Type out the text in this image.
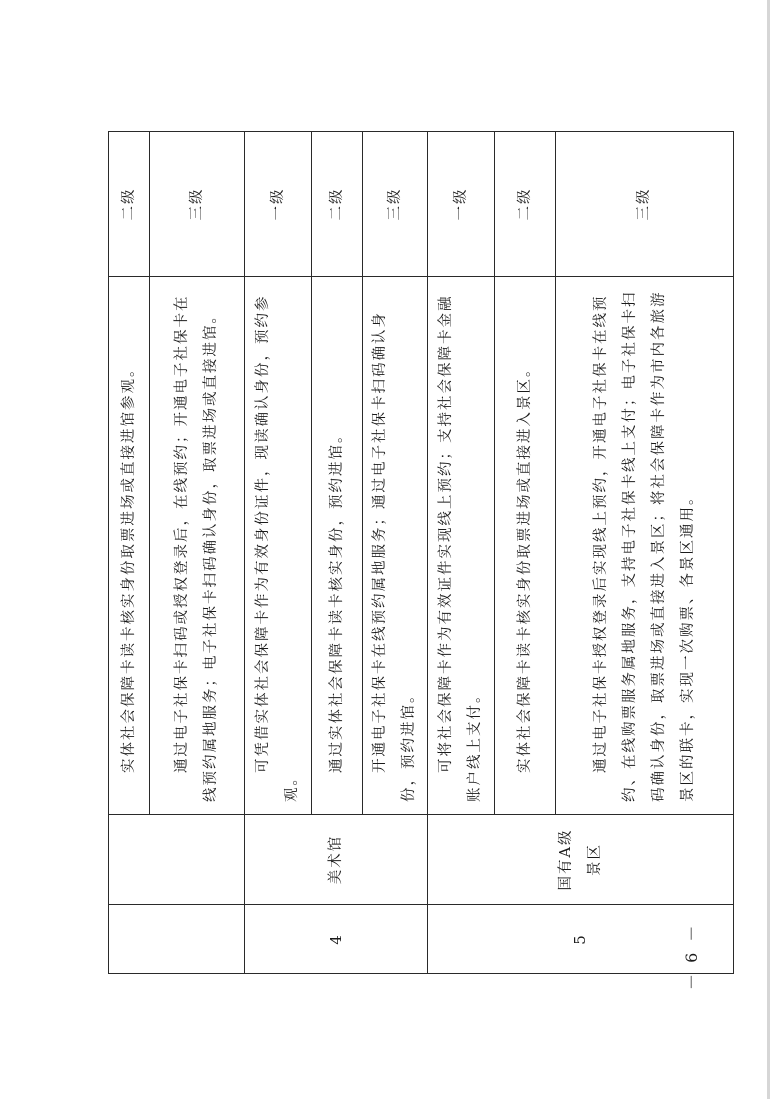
		实体社会保障卡读卡核实身份取票进场或直接进馆参观。	二级

		通过电子社保卡扫码或授权登录后，在线预约；开通电子社保卡在线预约属地服务；电子社保卡扫码确认身份，取票进场或直接进馆。	三级
4	美术馆	可凭借实体社会保障卡作为有效身份证件，现读确认身份，预约参观。	一级

		通过实体社会保障卡读卡核实身份，预约进馆。	二级

		开通电子社保卡在线预约属地服务；通过电子社保卡扫码确认身份，预约进馆。	三级
5	国有A级景区	可将社会保障卡作为有效证件实现线上预约；支持社会保障卡金融账户线上支付。	一级

		实体社会保障卡读卡核实身份取票进场或直接进入景区。	二级

		通过电子社保卡授权登录后实现线上预约，开通电子社保卡在线预约、在线购票服务属地服务，支持电子社保卡线上支付；电子社保卡扫码确认身份，取票进场或直接进入景区；将社会保障卡作为市内各旅游景区的联卡，实现一次购票、各景区通用。	三级
－ 6 －
